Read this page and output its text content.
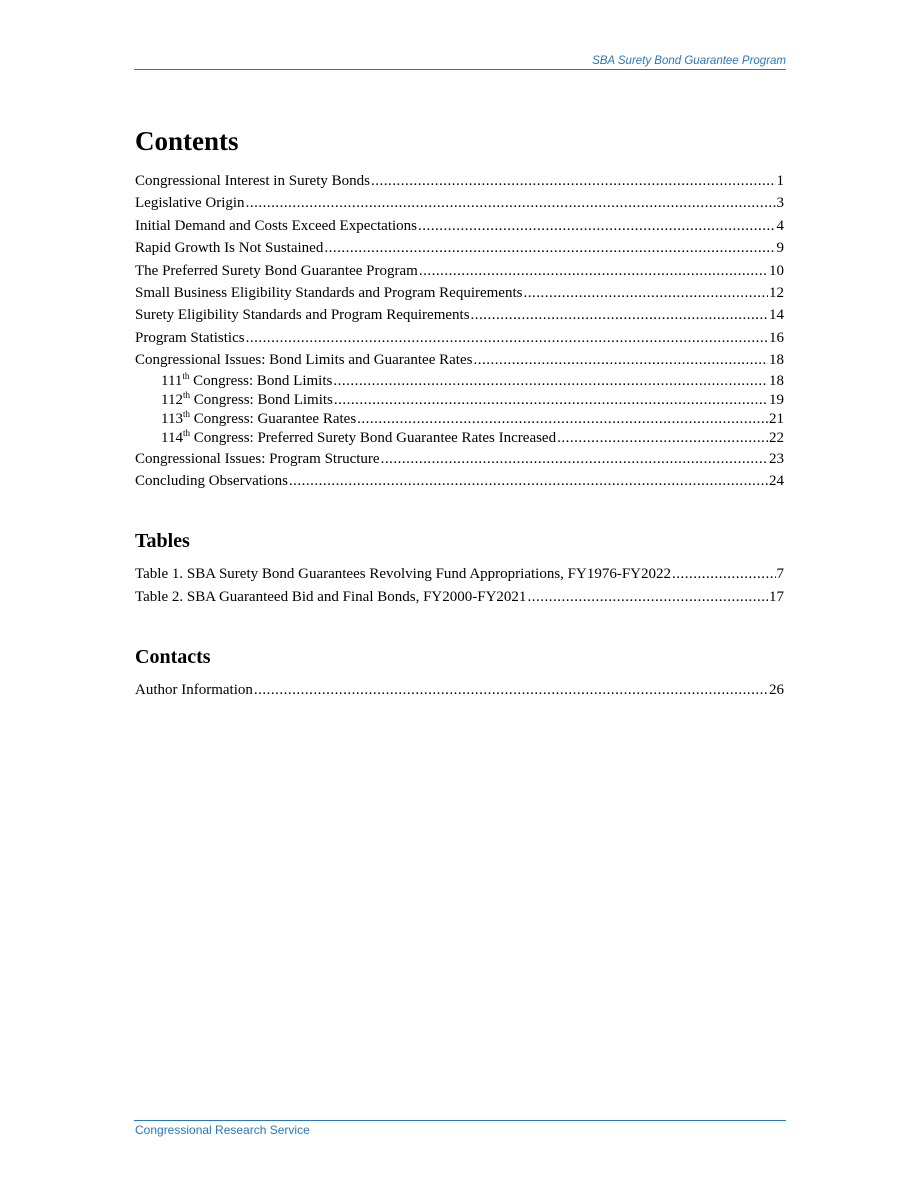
SBA Surety Bond Guarantee Program
Contents
Congressional Interest in Surety Bonds .....	1
Legislative Origin .....	3
Initial Demand and Costs Exceed Expectations .....	4
Rapid Growth Is Not Sustained .....	9
The Preferred Surety Bond Guarantee Program .....	10
Small Business Eligibility Standards and Program Requirements .....	12
Surety Eligibility Standards and Program Requirements .....	14
Program Statistics .....	16
Congressional Issues: Bond Limits and Guarantee Rates .....	18
111th Congress: Bond Limits .....	18
112th Congress: Bond Limits .....	19
113th Congress: Guarantee Rates .....	21
114th Congress: Preferred Surety Bond Guarantee Rates Increased .....	22
Congressional Issues: Program Structure .....	23
Concluding Observations .....	24
Tables
Table 1. SBA Surety Bond Guarantees Revolving Fund Appropriations, FY1976-FY2022 .....	7
Table 2. SBA Guaranteed Bid and Final Bonds, FY2000-FY2021 .....	17
Contacts
Author Information .....	26
Congressional Research Service
